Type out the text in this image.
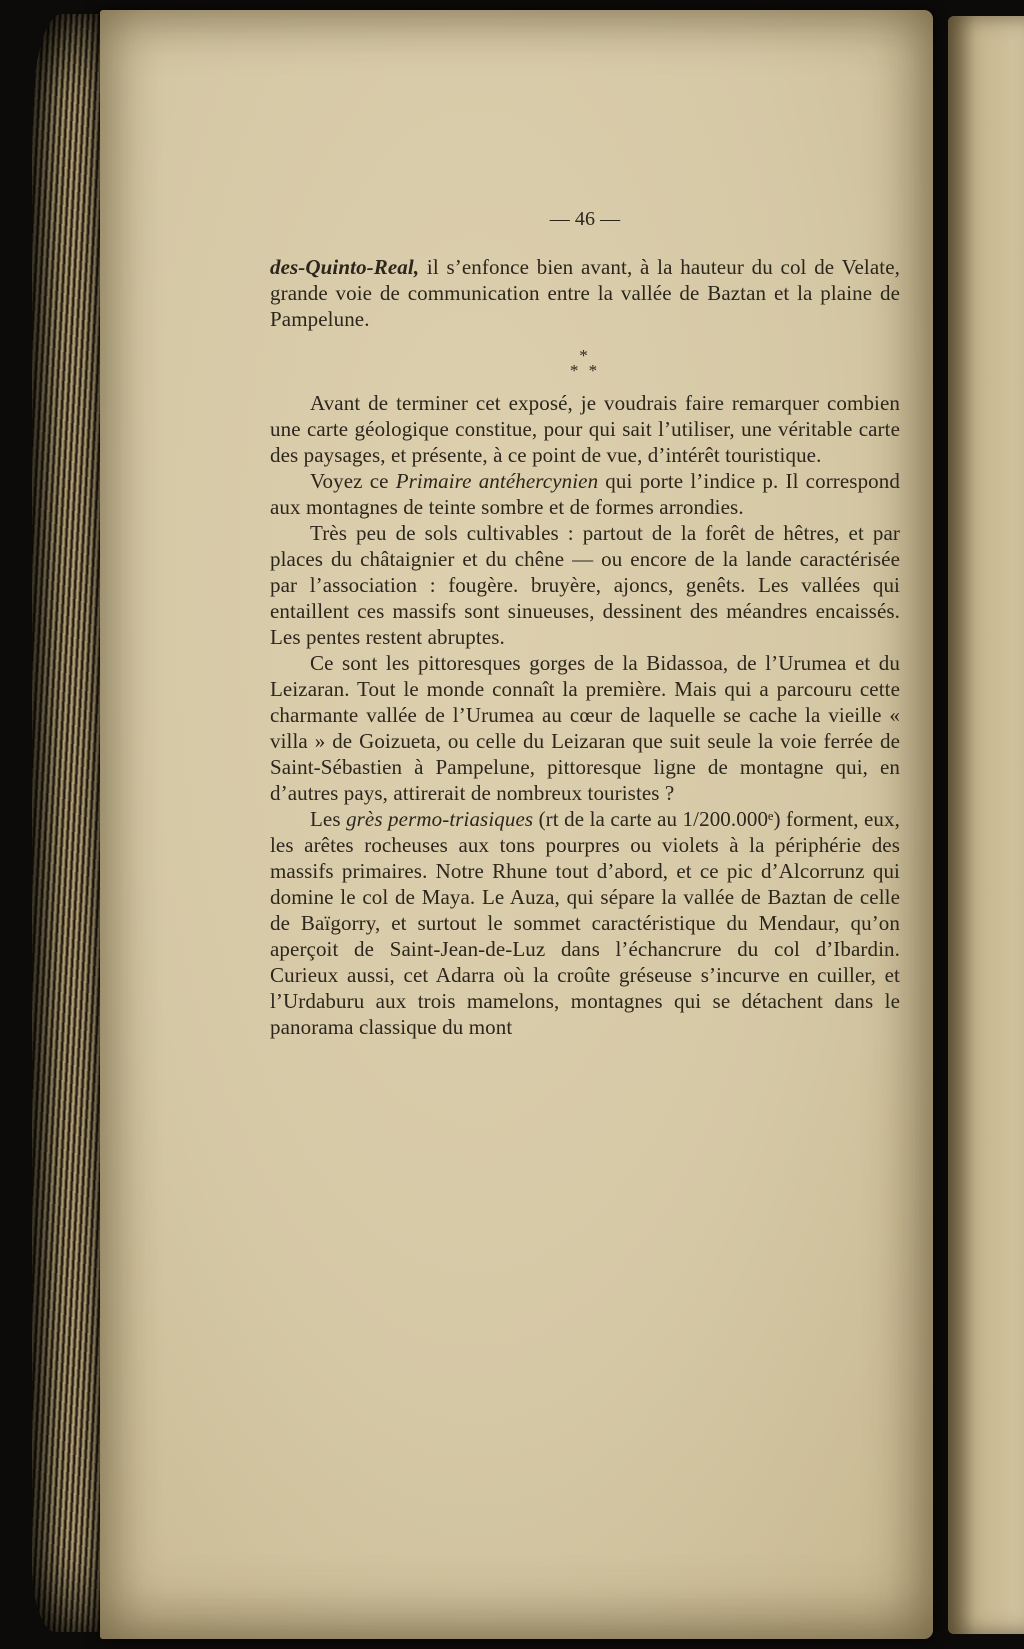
— 46 —

des-Quinto-Real, il s’enfonce bien avant, à la hauteur du col de Velate, grande voie de communication entre la vallée de Baztan et la plaine de Pampelune.

*
* *

Avant de terminer cet exposé, je voudrais faire remarquer combien une carte géologique constitue, pour qui sait l’utiliser, une véritable carte des paysages, et présente, à ce point de vue, d’intérêt touristique.

Voyez ce Primaire antéhercynien qui porte l’indice p. Il correspond aux montagnes de teinte sombre et de formes arrondies.

Très peu de sols cultivables : partout de la forêt de hêtres, et par places du châtaignier et du chêne — ou encore de la lande caractérisée par l’association : fougère. bruyère, ajoncs, genêts. Les vallées qui entaillent ces massifs sont sinueuses, dessinent des méandres encaissés. Les pentes restent abruptes.

Ce sont les pittoresques gorges de la Bidassoa, de l’Urumea et du Leizaran. Tout le monde connaît la première. Mais qui a parcouru cette charmante vallée de l’Urumea au cœur de laquelle se cache la vieille « villa » de Goizueta, ou celle du Leizaran que suit seule la voie ferrée de Saint-Sébastien à Pampelune, pittoresque ligne de montagne qui, en d’autres pays, attirerait de nombreux touristes ?

Les grès permo-triasiques (rt de la carte au 1/200.000ᵉ) forment, eux, les arêtes rocheuses aux tons pourpres ou violets à la périphérie des massifs primaires. Notre Rhune tout d’abord, et ce pic d’Alcorrunz qui domine le col de Maya. Le Auza, qui sépare la vallée de Baztan de celle de Baïgorry, et surtout le sommet caractéristique du Mendaur, qu’on aperçoit de Saint-Jean-de-Luz dans l’échancrure du col d’Ibardin. Curieux aussi, cet Adarra où la croûte gréseuse s’incurve en cuiller, et l’Urdaburu aux trois mamelons, montagnes qui se détachent dans le panorama classique du mont
